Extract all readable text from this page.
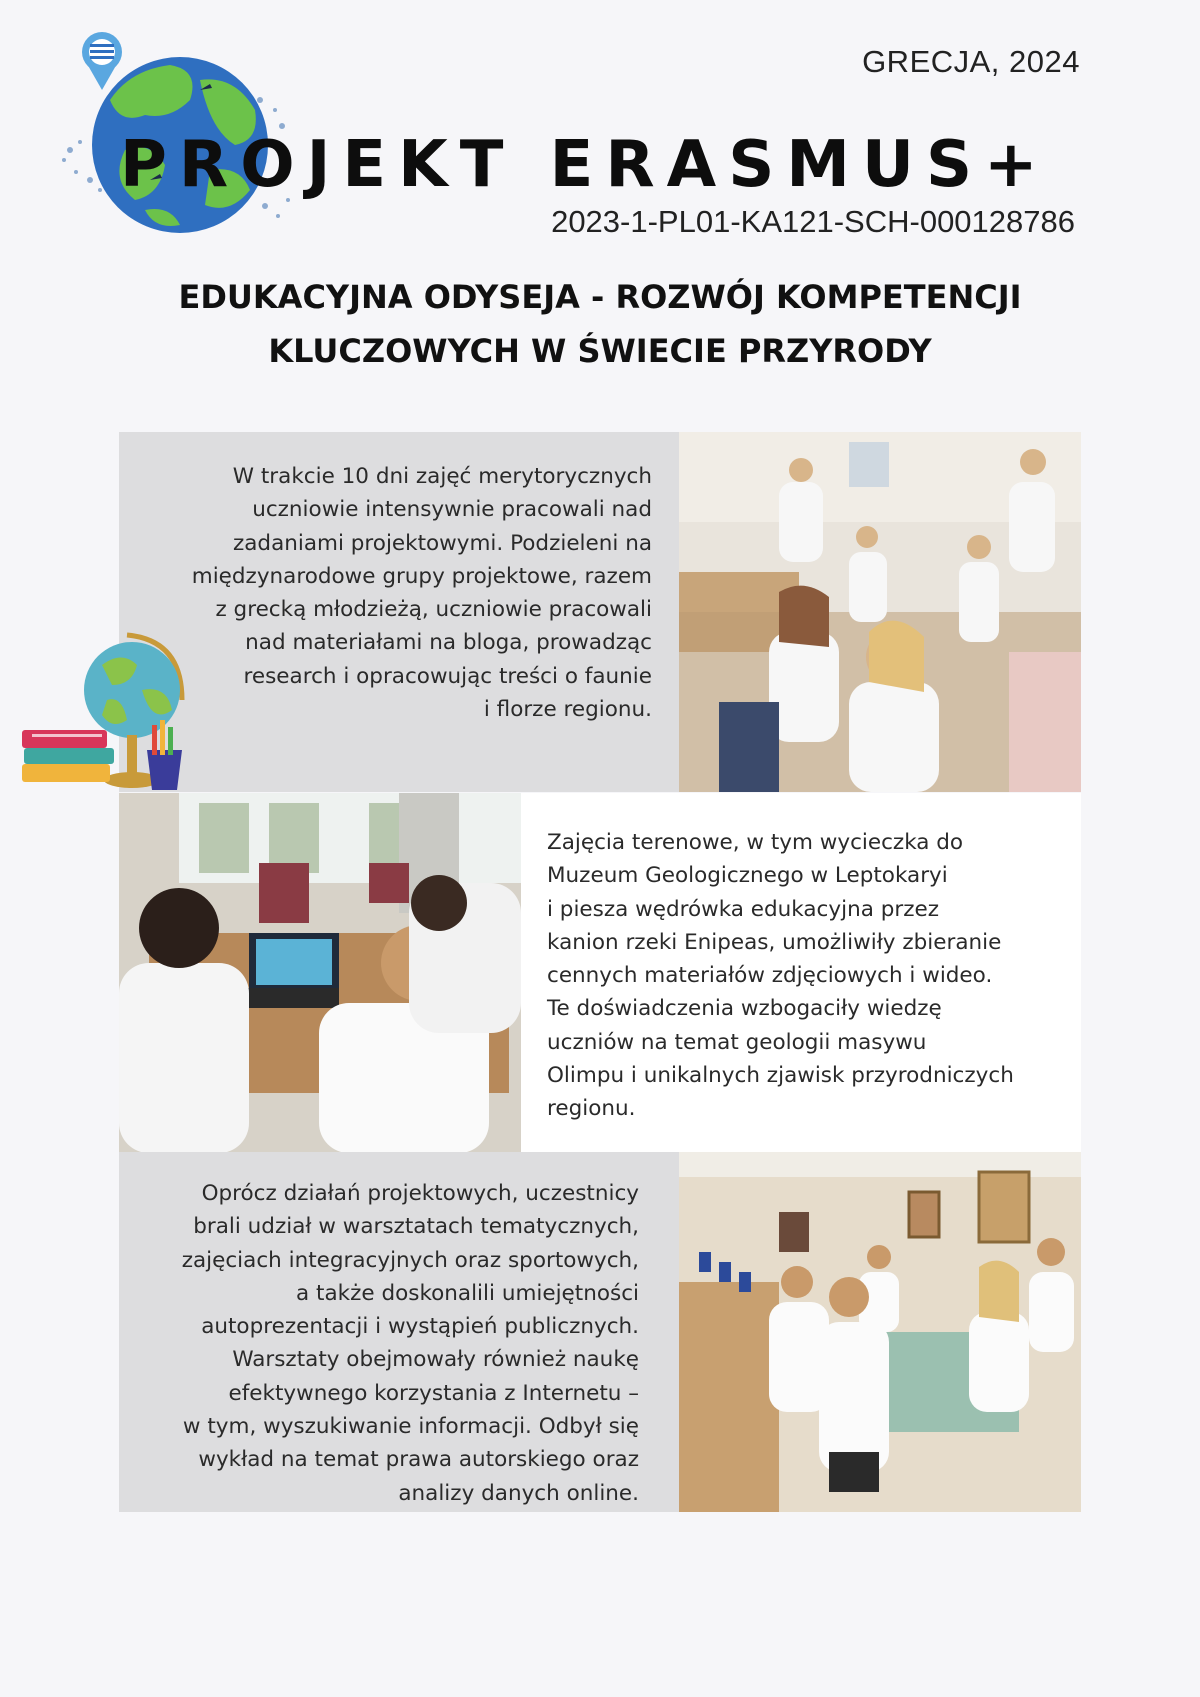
GRECJA, 2024
PROJEKT ERASMUS+
2023-1-PL01-KA121-SCH-000128786
EDUKACYJNA ODYSEJA - ROZWÓJ KOMPETENCJI
KLUCZOWYCH W ŚWIECIE PRZYRODY
W trakcie 10 dni zajęć merytorycznych
uczniowie intensywnie pracowali nad
zadaniami projektowymi. Podzieleni na
międzynarodowe grupy projektowe, razem
z grecką młodzieżą, uczniowie pracowali
nad materiałami na bloga, prowadząc
research i opracowując treści o faunie
i florze regionu.
Zajęcia terenowe, w tym wycieczka do
Muzeum Geologicznego w Leptokaryi
i piesza wędrówka edukacyjna przez
kanion rzeki Enipeas, umożliwiły zbieranie
cennych materiałów zdjęciowych i wideo.
Te doświadczenia wzbogaciły wiedzę
uczniów na temat geologii masywu
Olimpu i unikalnych zjawisk przyrodniczych
regionu.
Oprócz działań projektowych, uczestnicy
brali udział w warsztatach tematycznych,
zajęciach integracyjnych oraz sportowych,
a także doskonalili umiejętności
autoprezentacji i wystąpień publicznych.
Warsztaty obejmowały również naukę
efektywnego korzystania z Internetu –
w tym, wyszukiwanie informacji. Odbył się
wykład na temat prawa autorskiego oraz
analizy danych online.
